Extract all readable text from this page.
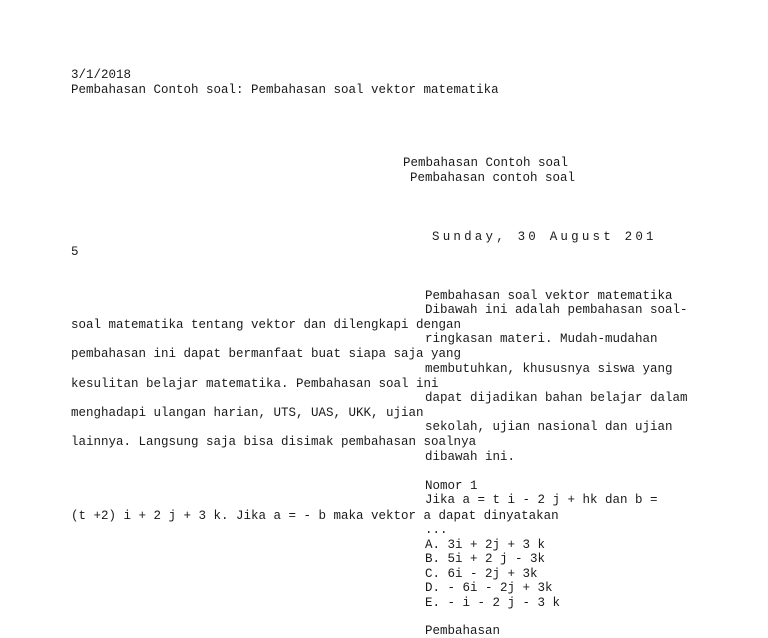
3/1/2018
Pembahasan Contoh soal: Pembahasan soal vektor matematika
Pembahasan Contoh soal
Pembahasan contoh soal
Sunday, 30 August 201
5
Pembahasan soal vektor matematika
Dibawah ini adalah pembahasan soal-
soal matematika tentang vektor dan dilengkapi dengan
ringkasan materi. Mudah-mudahan
pembahasan ini dapat bermanfaat buat siapa saja yang
membutuhkan, khususnya siswa yang
kesulitan belajar matematika. Pembahasan soal ini
dapat dijadikan bahan belajar dalam
menghadapi ulangan harian, UTS, UAS, UKK, ujian
sekolah, ujian nasional dan ujian
lainnya. Langsung saja bisa disimak pembahasan soalnya
dibawah ini.
Nomor 1
Jika a = t i - 2 j + hk dan b =
(t +2) i + 2 j + 3 k. Jika a = - b maka vektor a dapat dinyatakan
...
A. 3i + 2j + 3 k
B. 5i + 2 j - 3k
C. 6i - 2j + 3k
D. - 6i - 2j + 3k
E. - i - 2 j - 3 k
Pembahasan
